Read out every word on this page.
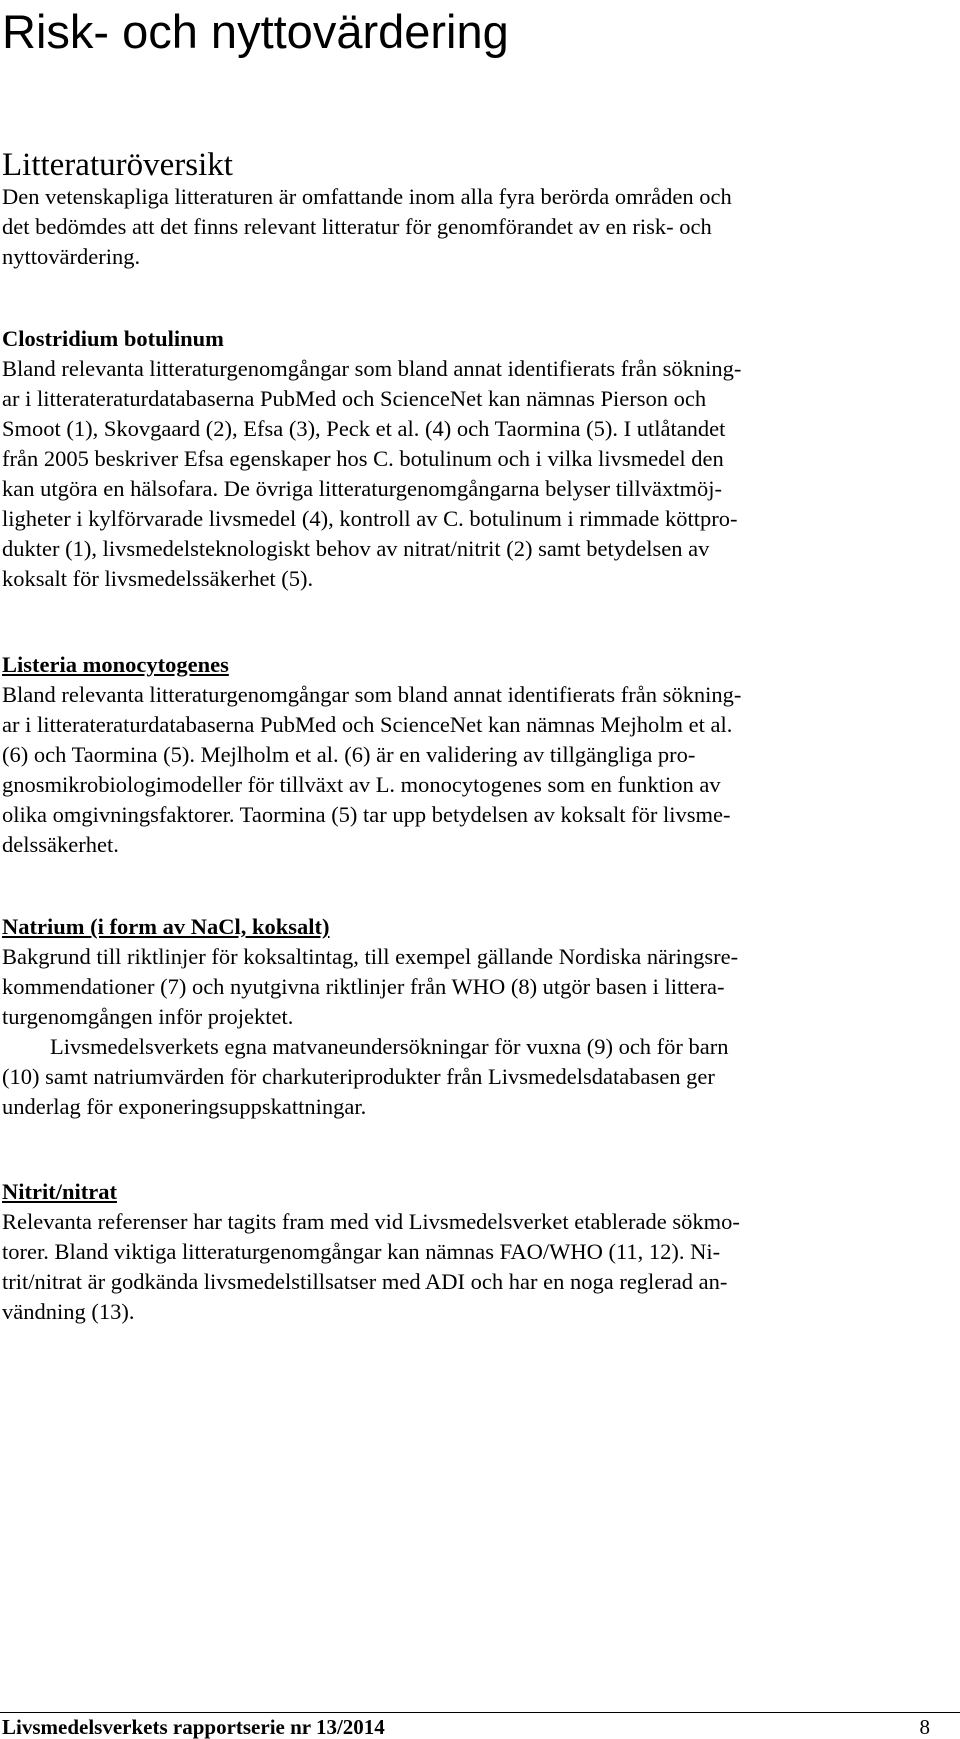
Risk- och nyttovärdering
Litteraturöversikt
Den vetenskapliga litteraturen är omfattande inom alla fyra berörda områden och
det bedömdes att det finns relevant litteratur för genomförandet av en risk- och
nyttovärdering.
Clostridium botulinum
Bland relevanta litteraturgenomgångar som bland annat identifierats från sökning-
ar i litterateraturdatabaserna PubMed och ScienceNet kan nämnas Pierson och
Smoot (1), Skovgaard (2), Efsa (3), Peck et al. (4) och Taormina (5). I utlåtandet
från 2005 beskriver Efsa egenskaper hos C. botulinum och i vilka livsmedel den
kan utgöra en hälsofara. De övriga litteraturgenomgångarna belyser tillväxtmöj-
ligheter i kylförvarade livsmedel (4), kontroll av C. botulinum i rimmade köttpro-
dukter (1), livsmedelsteknologiskt behov av nitrat/nitrit (2) samt betydelsen av
koksalt för livsmedelssäkerhet (5).
Listeria monocytogenes
Bland relevanta litteraturgenomgångar som bland annat identifierats från sökning-
ar i litterateraturdatabaserna PubMed och ScienceNet kan nämnas Mejholm et al.
(6) och Taormina (5). Mejlholm et al. (6) är en validering av tillgängliga pro-
gnosmikrobiologimodeller för tillväxt av L. monocytogenes som en funktion av
olika omgivningsfaktorer. Taormina (5) tar upp betydelsen av koksalt för livsme-
delssäkerhet.
Natrium (i form av NaCl, koksalt)
Bakgrund till riktlinjer för koksaltintag, till exempel gällande Nordiska näringsre-
kommendationer (7) och nyutgivna riktlinjer från WHO (8) utgör basen i littera-
turgenomgången inför projektet.
Livsmedelsverkets egna matvaneundersökningar för vuxna (9) och för barn
(10) samt natriumvärden för charkuteriprodukter från Livsmedelsdatabasen ger
underlag för exponeringsuppskattningar.
Nitrit/nitrat
Relevanta referenser har tagits fram med vid Livsmedelsverket etablerade sökmo-
torer. Bland viktiga litteraturgenomgångar kan nämnas FAO/WHO (11, 12). Ni-
trit/nitrat är godkända livsmedelstillsatser med ADI och har en noga reglerad an-
vändning (13).
Livsmedelsverkets rapportserie nr 13/2014	8
